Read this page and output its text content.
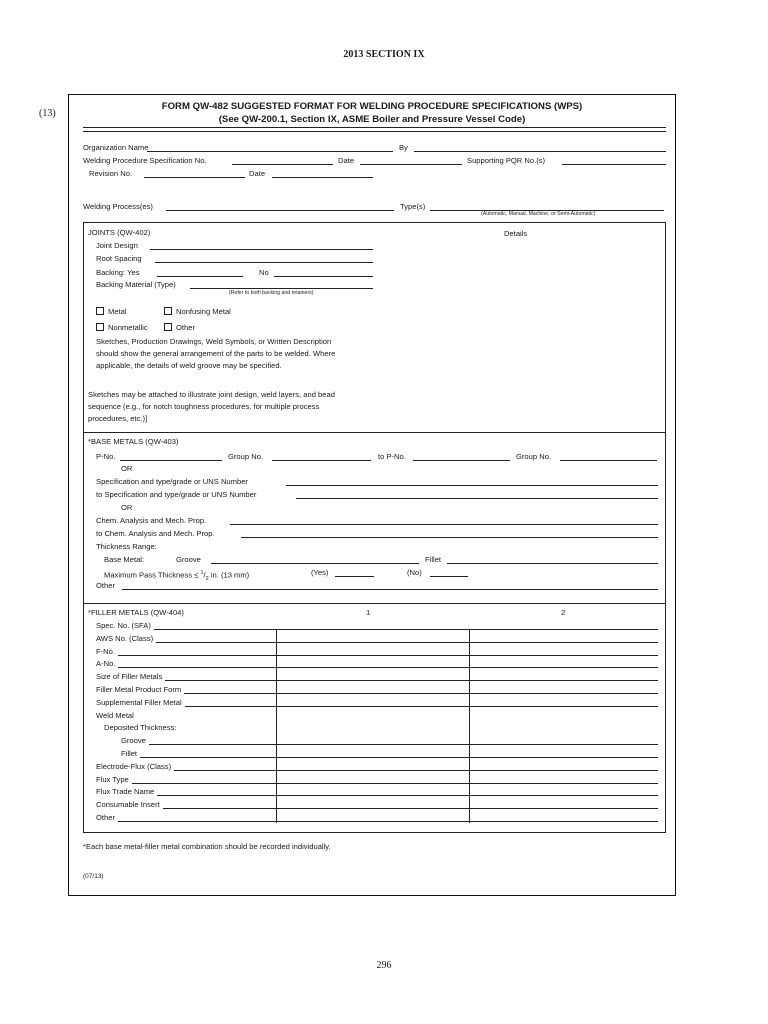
2013 SECTION IX
(13)
FORM QW-482 SUGGESTED FORMAT FOR WELDING PROCEDURE SPECIFICATIONS (WPS)
(See QW-200.1, Section IX, ASME Boiler and Pressure Vessel Code)
Organization Name	By
Welding Procedure Specification No.	Date	Supporting PQR No.(s)
Revision No.	Date
Welding Process(es)	Type(s)
(Automatic, Manual, Machine, or Semi-Automatic)
JOINTS (QW-402)	Details
Joint Design
Root Spacing
Backing: Yes	No
Backing Material (Type)
(Refer to both backing and retainers)
Metal	Nonfusing Metal
Nonmetallic	Other
Sketches, Production Drawings, Weld Symbols, or Written Description
should show the general arrangement of the parts to be welded. Where
applicable, the details of weld groove may be specified.
Sketches may be attached to illustrate joint design, weld layers, and bead
sequence (e.g., for notch toughness procedures, for multiple process
procedures, etc.)]
*BASE METALS (QW-403)
P-No.	Group No.	to P-No.	Group No.
OR
Specification and type/grade or UNS Number
to Specification and type/grade or UNS Number
OR
Chem. Analysis and Mech. Prop.
to Chem. Analysis and Mech. Prop.
Thickness Range:
Base Metal:	Groove	Fillet
Maximum Pass Thickness ≤ $^1/_2$ in. (13 mm)	(Yes)	(No)
Other
*FILLER METALS (QW-404)	1	2
Spec. No. (SFA)
AWS No. (Class)
F-No.
A-No.
Size of Filler Metals
Filler Metal Product Form
Supplemental Filler Metal
Weld Metal
Deposited Thickness:
Groove
Fillet
Electrode-Flux (Class)
Flux Type
Flux Trade Name
Consumable Insert
Other
*Each base metal-filler metal combination should be recorded individually.
(07/13)
296
